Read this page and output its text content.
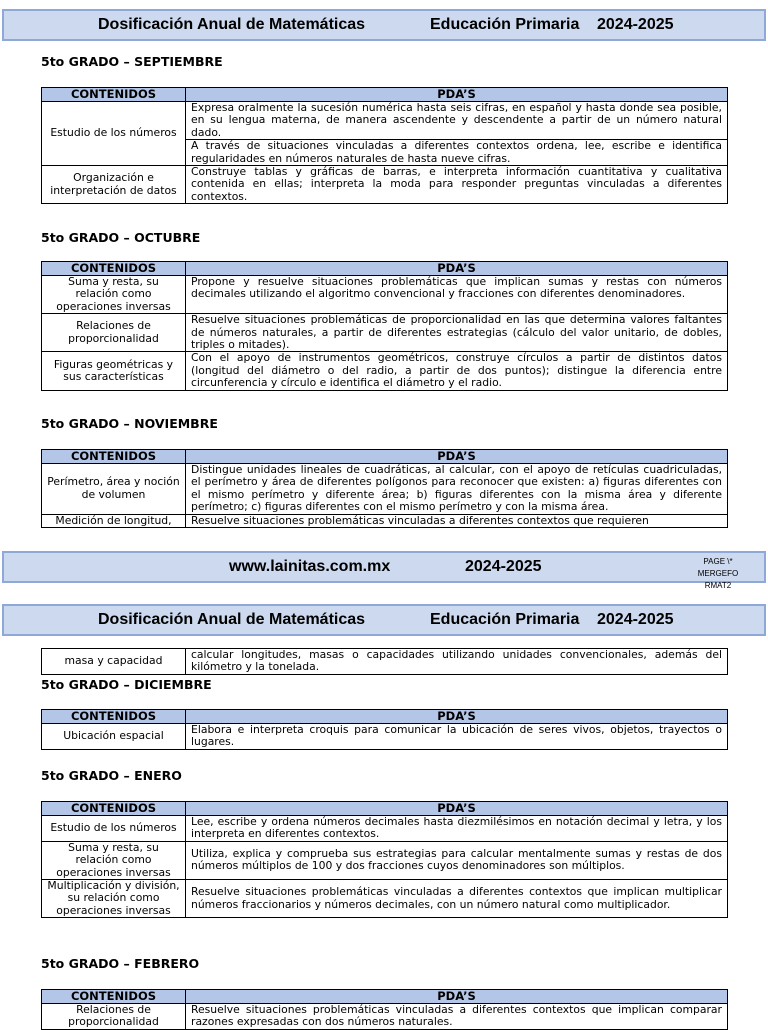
Dosificación Anual de Matemáticas	Educación Primaria 2024-2025
5to GRADO – SEPTIEMBRE
CONTENIDOS	PDA’S
Estudio de los números	Expresa oralmente la sucesión numérica hasta seis cifras, en español y hasta donde sea posible, en su lengua materna, de manera ascendente y descendente a partir de un número natural dado.
	A través de situaciones vinculadas a diferentes contextos ordena, lee, escribe e identifica regularidades en números naturales de hasta nueve cifras.
Organización e interpretación de datos	Construye tablas y gráficas de barras, e interpreta información cuantitativa y cualitativa contenida en ellas; interpreta la moda para responder preguntas vinculadas a diferentes contextos.
5to GRADO – OCTUBRE
CONTENIDOS	PDA’S
Suma y resta, su relación como operaciones inversas	Propone y resuelve situaciones problemáticas que implican sumas y restas con números decimales utilizando el algoritmo convencional y fracciones con diferentes denominadores.
Relaciones de proporcionalidad	Resuelve situaciones problemáticas de proporcionalidad en las que determina valores faltantes de números naturales, a partir de diferentes estrategias (cálculo del valor unitario, de dobles, triples o mitades).
Figuras geométricas y sus características	Con el apoyo de instrumentos geométricos, construye círculos a partir de distintos datos (longitud del diámetro o del radio, a partir de dos puntos); distingue la diferencia entre circunferencia y círculo e identifica el diámetro y el radio.
5to GRADO – NOVIEMBRE
CONTENIDOS	PDA’S
Perímetro, área y noción de volumen	Distingue unidades lineales de cuadráticas, al calcular, con el apoyo de retículas cuadriculadas, el perímetro y área de diferentes polígonos para reconocer que existen: a) figuras diferentes con el mismo perímetro y diferente área; b) figuras diferentes con la misma área y diferente perímetro; c) figuras diferentes con el mismo perímetro y con la misma área.
Medición de longitud,	Resuelve situaciones problemáticas vinculadas a diferentes contextos que requieren
www.lainitas.com.mx	2024-2025	PAGE \*
MERGEFO
RMAT2
Dosificación Anual de Matemáticas	Educación Primaria 2024-2025
masa y capacidad	calcular longitudes, masas o capacidades utilizando unidades convencionales, además del kilómetro y la tonelada.
5to GRADO – DICIEMBRE
CONTENIDOS	PDA’S
Ubicación espacial	Elabora e interpreta croquis para comunicar la ubicación de seres vivos, objetos, trayectos o lugares.
5to GRADO – ENERO
CONTENIDOS	PDA’S
Estudio de los números	Lee, escribe y ordena números decimales hasta diezmilésimos en notación decimal y letra, y los interpreta en diferentes contextos.
Suma y resta, su relación como operaciones inversas	Utiliza, explica y comprueba sus estrategias para calcular mentalmente sumas y restas de dos números múltiplos de 100 y dos fracciones cuyos denominadores son múltiplos.
Multiplicación y división, su relación como operaciones inversas	Resuelve situaciones problemáticas vinculadas a diferentes contextos que implican multiplicar números fraccionarios y números decimales, con un número natural como multiplicador.
5to GRADO – FEBRERO
CONTENIDOS	PDA’S
Relaciones de proporcionalidad	Resuelve situaciones problemáticas vinculadas a diferentes contextos que implican comparar razones expresadas con dos números naturales.
